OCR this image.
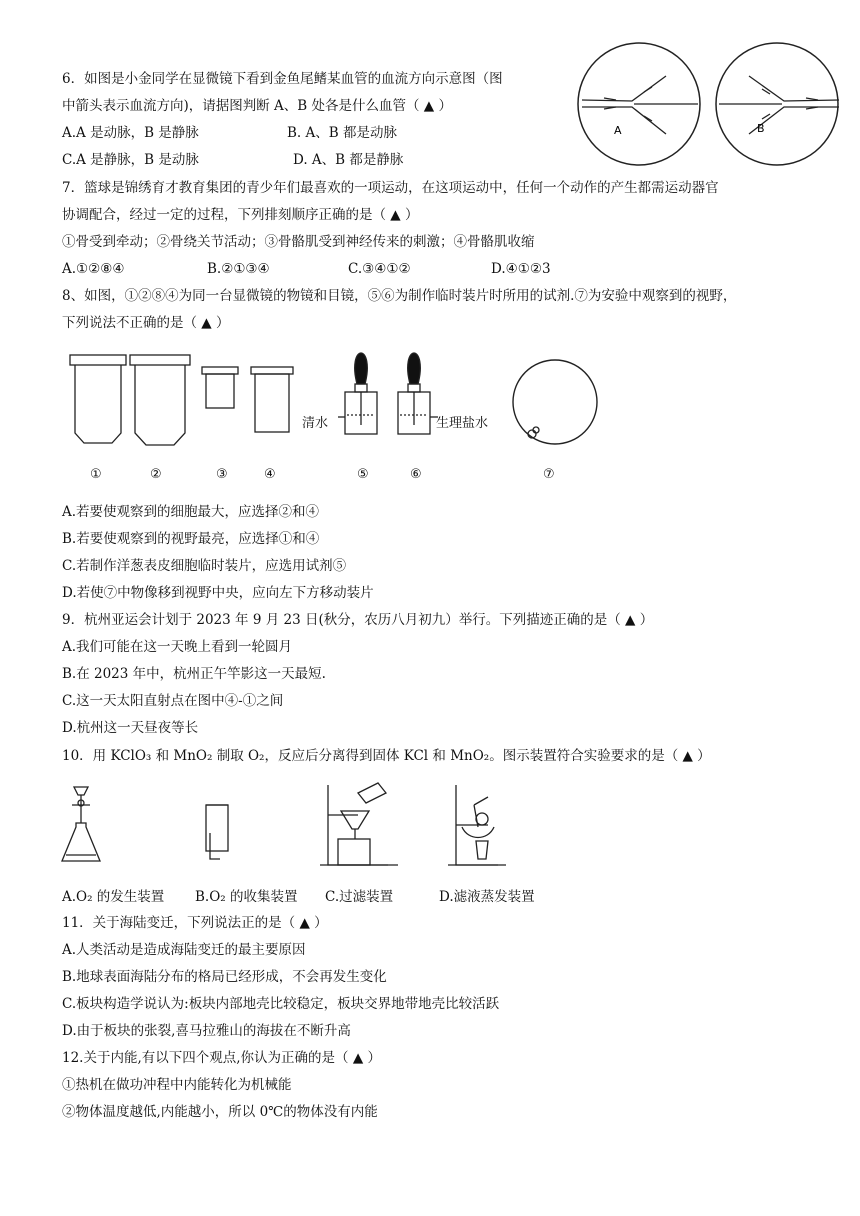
6．如图是小金同学在显微镜下看到金鱼尾鳍某血管的血流方向示意图（图
中箭头表示血流方向)，请据图判断 A、B 处各是什么血管（ ▲ ）
A.A 是动脉，B 是静脉	B. A、B 都是动脉
C.A 是静脉，B 是动脉	D. A、B 都是静脉
A	B
7．篮球是锦绣育才教育集团的青少年们最喜欢的一项运动，在这项运动中，任何一个动作的产生都需运动器官
协调配合，经过一定的过程，下列排刻顺序正确的是（ ▲ ）
①骨受到牵动；②骨绕关节活动；③骨骼肌受到神经传来的刺激；④骨骼肌收缩
A.①②⑧④	B.②①③④	C.③④①②	D.④①②3
8、如图，①②⑧④为同一台显微镜的物镜和目镜，⑤⑥为制作临时装片时所用的试剂.⑦为安验中观察到的视野，
下列说法不正确的是（ ▲ ）
清水	生理盐水
①	②	③	④	⑤	⑥	⑦
A.若要使观察到的细胞最大，应选择②和④
B.若要使观察到的视野最亮，应选择①和④
C.若制作洋葱表皮细胞临时装片，应选用试剂⑤
D.若使⑦中物像移到视野中央，应向左下方移动装片
9．杭州亚运会计划于 2023 年 9 月 23 日(秋分，农历八月初九）举行。下列描迹正确的是（ ▲ ）
A.我们可能在这一天晚上看到一轮圆月
B.在 2023 年中，杭州正午竿影这一天最短.
C.这一天太阳直射点在图中④-①之间
D.杭州这一天昼夜等长
10．用 KClO₃ 和 MnO₂ 制取 O₂，反应后分离得到固体 KCl 和 MnO₂。图示装置符合实验要求的是（ ▲ ）
A.O₂ 的发生装置 B.O₂ 的收集装置 C.过滤装置	D.滤液蒸发装置
11．关于海陆变迁，下列说法正的是（ ▲ ）
A.人类活动是造成海陆变迁的最主要原因
B.地球表面海陆分布的格局已经形成，不会再发生变化
C.板块构造学说认为:板块内部地壳比较稳定，板块交界地带地壳比较活跃
D.由于板块的张裂,喜马拉雅山的海拔在不断升高
12.关于内能,有以下四个观点,你认为正确的是（ ▲ ）
①热机在做功冲程中内能转化为机械能
②物体温度越低,内能越小，所以 0℃的物体没有内能
